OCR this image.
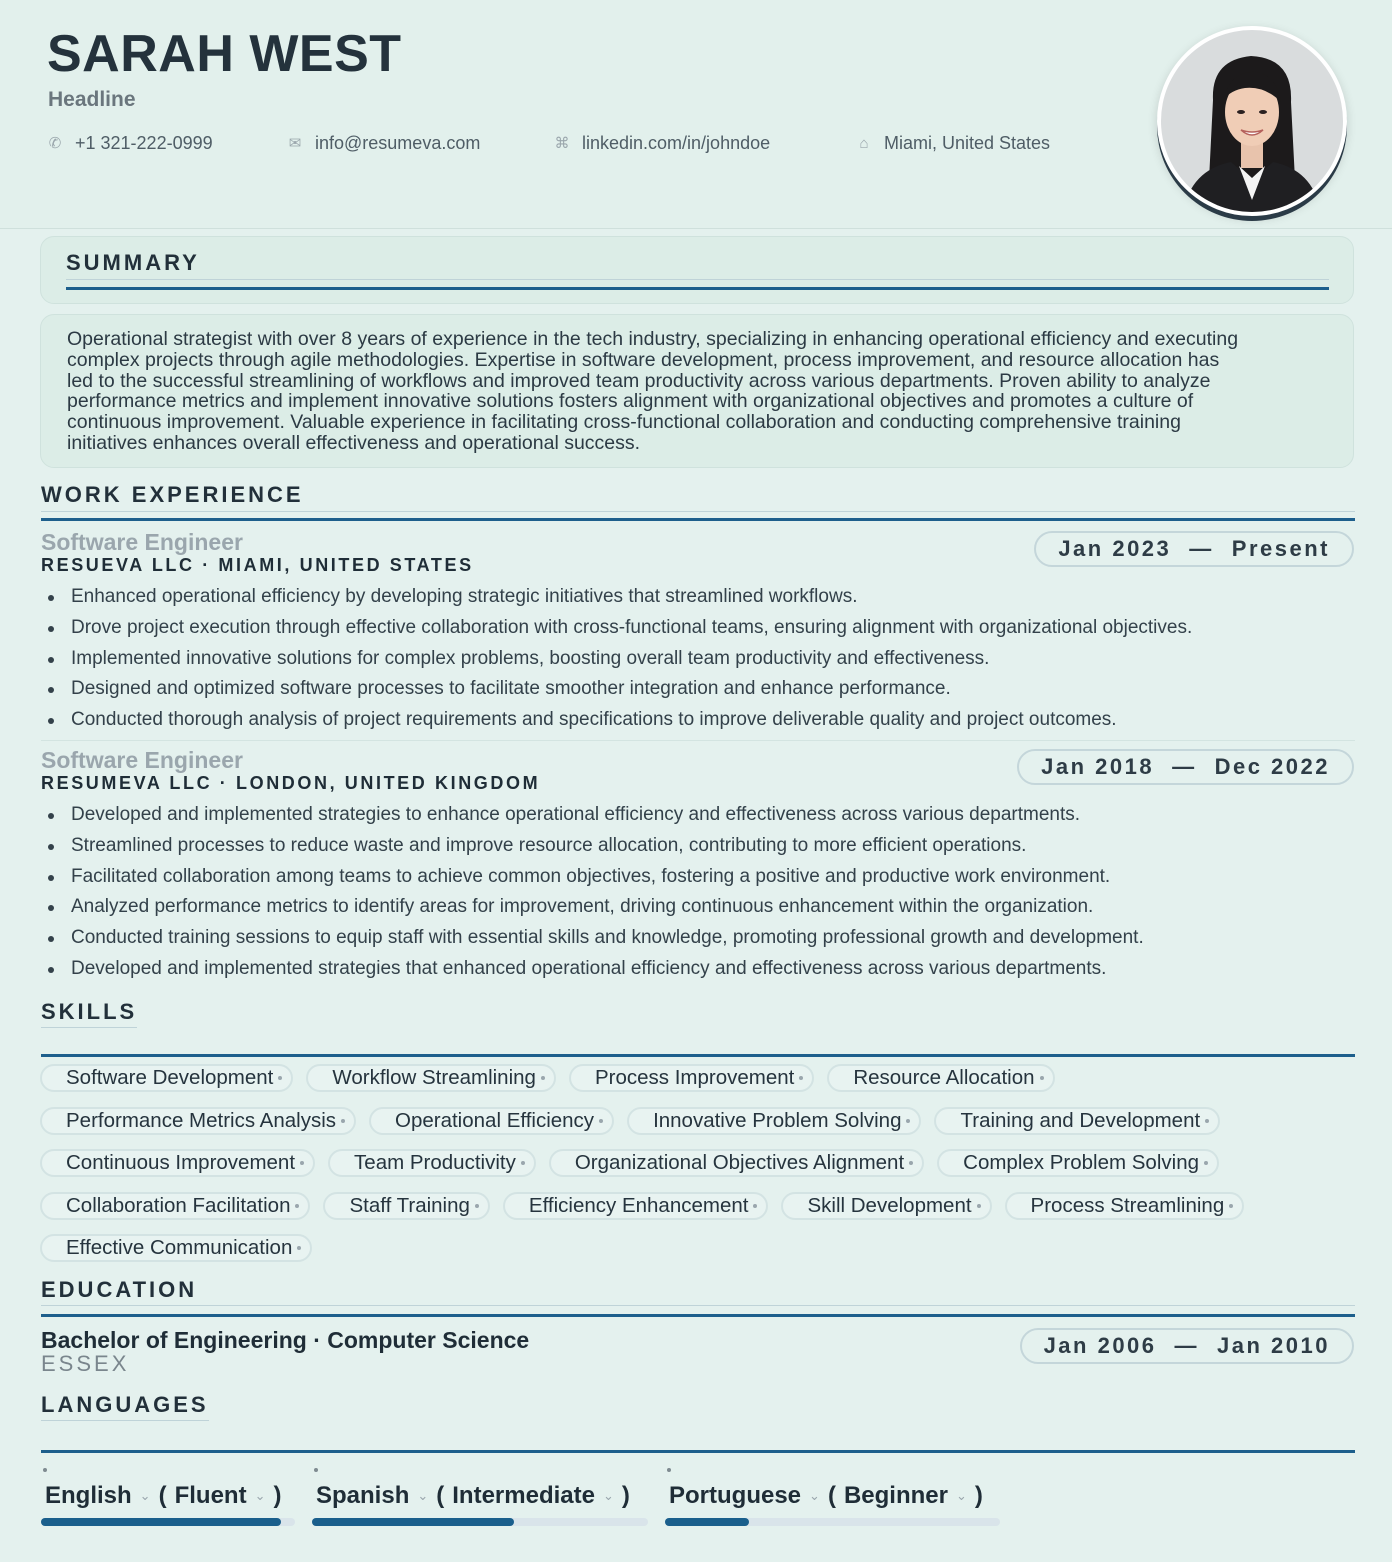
SARAH WEST
Headline
✆ +1 321-222-0999	✉ info@resumeva.com	⌘ linkedin.com/in/johndoe	⌂ Miami, United States
SUMMARY
Operational strategist with over 8 years of experience in the tech industry, specializing in enhancing operational efficiency and executing
complex projects through agile methodologies. Expertise in software development, process improvement, and resource allocation has
led to the successful streamlining of workflows and improved team productivity across various departments. Proven ability to analyze
performance metrics and implement innovative solutions fosters alignment with organizational objectives and promotes a culture of
continuous improvement. Valuable experience in facilitating cross-functional collaboration and conducting comprehensive training
initiatives enhances overall effectiveness and operational success.
WORK EXPERIENCE
Software Engineer
RESUEVA LLC · MIAMI, UNITED STATES
Jan 2023 — Present
Enhanced operational efficiency by developing strategic initiatives that streamlined workflows.
Drove project execution through effective collaboration with cross-functional teams, ensuring alignment with organizational objectives.
Implemented innovative solutions for complex problems, boosting overall team productivity and effectiveness.
Designed and optimized software processes to facilitate smoother integration and enhance performance.
Conducted thorough analysis of project requirements and specifications to improve deliverable quality and project outcomes.
Software Engineer
RESUMEVA LLC · LONDON, UNITED KINGDOM
Jan 2018 — Dec 2022
Developed and implemented strategies to enhance operational efficiency and effectiveness across various departments.
Streamlined processes to reduce waste and improve resource allocation, contributing to more efficient operations.
Facilitated collaboration among teams to achieve common objectives, fostering a positive and productive work environment.
Analyzed performance metrics to identify areas for improvement, driving continuous enhancement within the organization.
Conducted training sessions to equip staff with essential skills and knowledge, promoting professional growth and development.
Developed and implemented strategies that enhanced operational efficiency and effectiveness across various departments.
SKILLS
Software Development	Workflow Streamlining	Process Improvement	Resource Allocation
Performance Metrics Analysis	Operational Efficiency	Innovative Problem Solving	Training and Development
Continuous Improvement	Team Productivity	Organizational Objectives Alignment	Complex Problem Solving
Collaboration Facilitation	Staff Training	Efficiency Enhancement	Skill Development	Process Streamlining
Effective Communication
EDUCATION
Bachelor of Engineering · Computer Science
ESSEX
Jan 2006 — Jan 2010
LANGUAGES
English ⌄ ( Fluent ⌄ ) Spanish ⌄ ( Intermediate ⌄ ) Portuguese ⌄ ( Beginner ⌄ )
